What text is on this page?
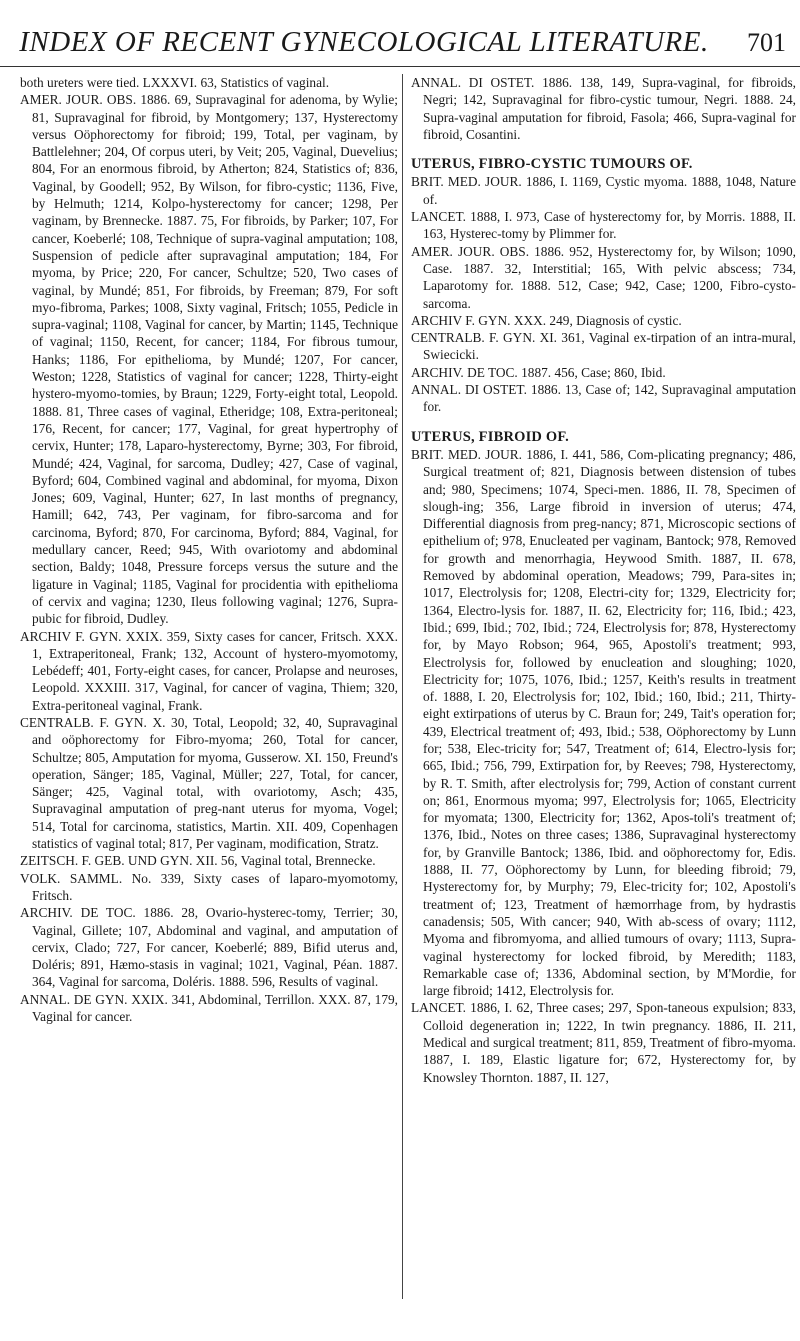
INDEX OF RECENT GYNECOLOGICAL LITERATURE. 701

both ureters were tied. LXXXVI. 63, Statistics of vaginal.

AMER. JOUR. OBS. 1886. 69, Supravaginal for adenoma, by Wylie; 81, Supravaginal for fibroid, by Montgomery; 137, Hysterectomy versus Oöphorectomy for fibroid; 199, Total, per vaginam, by Battlelehner; 204, Of corpus uteri, by Veit; 205, Vaginal, Duevelius; 804, For an enormous fibroid, by Atherton; 824, Statistics of; 836, Vaginal, by Goodell; 952, By Wilson, for fibro-cystic; 1136, Five, by Helmuth; 1214, Kolpo-hysterectomy for cancer; 1298, Per vaginam, by Brennecke. 1887. 75, For fibroids, by Parker; 107, For cancer, Koeberlé; 108, Technique of supra-vaginal amputation; 108, Suspension of pedicle after supravaginal amputation; 184, For myoma, by Price; 220, For cancer, Schultze; 520, Two cases of vaginal, by Mundé; 851, For fibroids, by Freeman; 879, For soft myo-fibroma, Parkes; 1008, Sixty vaginal, Fritsch; 1055, Pedicle in supra-vaginal; 1108, Vaginal for cancer, by Martin; 1145, Technique of vaginal; 1150, Recent, for cancer; 1184, For fibrous tumour, Hanks; 1186, For epithelioma, by Mundé; 1207, For cancer, Weston; 1228, Statistics of vaginal for cancer; 1228, Thirty-eight hystero-myomo-tomies, by Braun; 1229, Forty-eight total, Leopold. 1888. 81, Three cases of vaginal, Etheridge; 108, Extra-peritoneal; 176, Recent, for cancer; 177, Vaginal, for great hypertrophy of cervix, Hunter; 178, Laparo-hysterectomy, Byrne; 303, For fibroid, Mundé; 424, Vaginal, for sarcoma, Dudley; 427, Case of vaginal, Byford; 604, Combined vaginal and abdominal, for myoma, Dixon Jones; 609, Vaginal, Hunter; 627, In last months of pregnancy, Hamill; 642, 743, Per vaginam, for fibro-sarcoma and for carcinoma, Byford; 870, For carcinoma, Byford; 884, Vaginal, for medullary cancer, Reed; 945, With ovariotomy and abdominal section, Baldy; 1048, Pressure forceps versus the suture and the ligature in Vaginal; 1185, Vaginal for procidentia with epithelioma of cervix and vagina; 1230, Ileus following vaginal; 1276, Supra-pubic for fibroid, Dudley.

ARCHIV F. GYN. XXIX. 359, Sixty cases for cancer, Fritsch. XXX. 1, Extraperitoneal, Frank; 132, Account of hystero-myomotomy, Lebédeff; 401, Forty-eight cases, for cancer, Prolapse and neuroses, Leopold. XXXIII. 317, Vaginal, for cancer of vagina, Thiem; 320, Extra-peritoneal vaginal, Frank.

CENTRALB. F. GYN. X. 30, Total, Leopold; 32, 40, Supravaginal and oöphorectomy for Fibro-myoma; 260, Total for cancer, Schultze; 805, Amputation for myoma, Gusserow. XI. 150, Freund's operation, Sänger; 185, Vaginal, Müller; 227, Total, for cancer, Sänger; 425, Vaginal total, with ovariotomy, Asch; 435, Supravaginal amputation of preg-nant uterus for myoma, Vogel; 514, Total for carcinoma, statistics, Martin. XII. 409, Copenhagen statistics of vaginal total; 817, Per vaginam, modification, Stratz.

ZEITSCH. F. GEB. UND GYN. XII. 56, Vaginal total, Brennecke.

VOLK. SAMML. No. 339, Sixty cases of laparo-myomotomy, Fritsch.

ARCHIV. DE TOC. 1886. 28, Ovario-hysterec-tomy, Terrier; 30, Vaginal, Gillete; 107, Abdominal and vaginal, and amputation of cervix, Clado; 727, For cancer, Koeberlé; 889, Bifid uterus and, Doléris; 891, Hæmo-stasis in vaginal; 1021, Vaginal, Péan. 1887. 364, Vaginal for sarcoma, Doléris. 1888. 596, Results of vaginal.

ANNAL. DE GYN. XXIX. 341, Abdominal, Terrillon. XXX. 87, 179, Vaginal for cancer.

ANNAL. DI OSTET. 1886. 138, 149, Supra-vaginal, for fibroids, Negri; 142, Supravaginal for fibro-cystic tumour, Negri. 1888. 24, Supra-vaginal amputation for fibroid, Fasola; 466, Supra-vaginal for fibroid, Cosantini.

UTERUS, FIBRO-CYSTIC TUMOURS OF.

BRIT. MED. JOUR. 1886, I. 1169, Cystic myoma. 1888, 1048, Nature of.

LANCET. 1888, I. 973, Case of hysterectomy for, by Morris. 1888, II. 163, Hysterec-tomy by Plimmer for.

AMER. JOUR. OBS. 1886. 952, Hysterectomy for, by Wilson; 1090, Case. 1887. 32, Interstitial; 165, With pelvic abscess; 734, Laparotomy for. 1888. 512, Case; 942, Case; 1200, Fibro-cysto-sarcoma.

ARCHIV F. GYN. XXX. 249, Diagnosis of cystic.

CENTRALB. F. GYN. XI. 361, Vaginal ex-tirpation of an intra-mural, Swiecicki.

ARCHIV. DE TOC. 1887. 456, Case; 860, Ibid.

ANNAL. DI OSTET. 1886. 13, Case of; 142, Supravaginal amputation for.

UTERUS, FIBROID OF.

BRIT. MED. JOUR. 1886, I. 441, 586, Com-plicating pregnancy; 486, Surgical treatment of; 821, Diagnosis between distension of tubes and; 980, Specimens; 1074, Speci-men. 1886, II. 78, Specimen of slough-ing; 356, Large fibroid in inversion of uterus; 474, Differential diagnosis from preg-nancy; 871, Microscopic sections of epithelium of; 978, Enucleated per vaginam, Bantock; 978, Removed for growth and menorrhagia, Heywood Smith. 1887, II. 678, Removed by abdominal operation, Meadows; 799, Para-sites in; 1017, Electrolysis for; 1208, Electri-city for; 1329, Electricity for; 1364, Electro-lysis for. 1887, II. 62, Electricity for; 116, Ibid.; 423, Ibid.; 699, Ibid.; 702, Ibid.; 724, Electrolysis for; 878, Hysterectomy for, by Mayo Robson; 964, 965, Apostoli's treatment; 993, Electrolysis for, followed by enucleation and sloughing; 1020, Electricity for; 1075, 1076, Ibid.; 1257, Keith's results in treatment of. 1888, I. 20, Electrolysis for; 102, Ibid.; 160, Ibid.; 211, Thirty-eight extirpations of uterus by C. Braun for; 249, Tait's operation for; 439, Electrical treatment of; 493, Ibid.; 538, Oöphorectomy by Lunn for; 538, Elec-tricity for; 547, Treatment of; 614, Electro-lysis for; 665, Ibid.; 756, 799, Extirpation for, by Reeves; 798, Hysterectomy, by R. T. Smith, after electrolysis for; 799, Action of constant current on; 861, Enormous myoma; 997, Electrolysis for; 1065, Electricity for myomata; 1300, Electricity for; 1362, Apos-toli's treatment of; 1376, Ibid., Notes on three cases; 1386, Supravaginal hysterectomy for, by Granville Bantock; 1386, Ibid. and oöphorectomy for, Edis. 1888, II. 77, Oöphorectomy by Lunn, for bleeding fibroid; 79, Hysterectomy for, by Murphy; 79, Elec-tricity for; 102, Apostoli's treatment of; 123, Treatment of hæmorrhage from, by hydrastis canadensis; 505, With cancer; 940, With ab-scess of ovary; 1112, Myoma and fibromyoma, and allied tumours of ovary; 1113, Supra-vaginal hysterectomy for locked fibroid, by Meredith; 1183, Remarkable case of; 1336, Abdominal section, by M'Mordie, for large fibroid; 1412, Electrolysis for.

LANCET. 1886, I. 62, Three cases; 297, Spon-taneous expulsion; 833, Colloid degeneration in; 1222, In twin pregnancy. 1886, II. 211, Medical and surgical treatment; 811, 859, Treatment of fibro-myoma. 1887, I. 189, Elastic ligature for; 672, Hysterectomy for, by Knowsley Thornton. 1887, II. 127,
